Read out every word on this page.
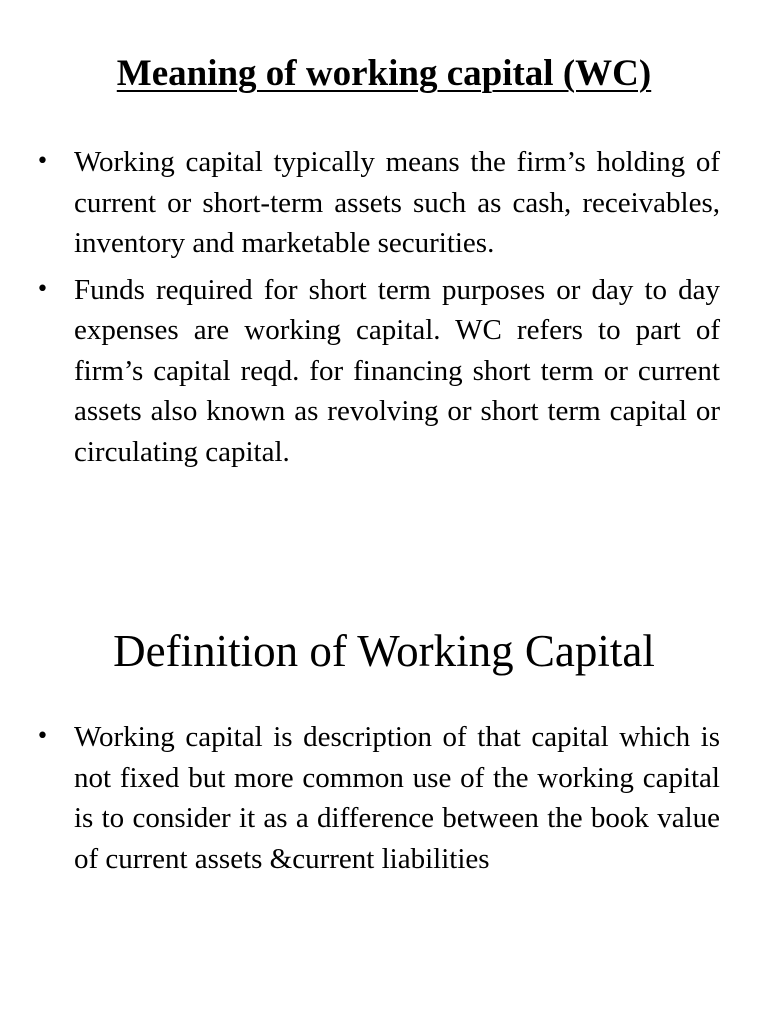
Meaning of working capital (WC)
• Working capital typically means the firm’s holding of current or short-term assets such as cash, receivables, inventory and marketable securities.
• Funds required for short term purposes or day to day expenses are working capital. WC refers to part of firm’s capital reqd. for financing short term or current assets also known as revolving or short term capital or circulating capital.
Definition of Working Capital
• Working capital is description of that capital which is not fixed but more common use of the working capital is to consider it as a difference between the book value of current assets &current liabilities
